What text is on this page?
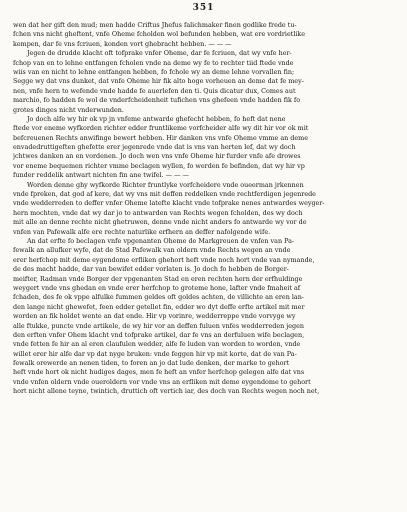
351
wen dat her gift den mud; men hadde Criftus Jhefus falichmaker finen godlike frede tu-
fchen vns nicht gheftent, vnfe Oheme fcholden wol befunden hebben, wat ere vordrietlike
kempen, dar fe vns fcriuen, konden vort ghebracht hebben. — — —
Jegen de drudde klacht oft tofprake vnfer Oheme, dar fe fcriuen, dat wy vnfe her-
fchop van en to lehne entfangen fcholen vnde na deme wy fe to rechter tiid ftede vnde
wiis van en nicht to lehne entfangen hebben, fo fchole wy an deme lehne vorvallen fin;
Segge wy dat vns dunket, dat vnfe Oheme hir fik alto hoge vorheuen an deme dat fe mey-
nen, vnfe hern to wefende vnde hadde fe auerlefen den ti. Quis dicatur dux, Comes aut
marchio, fo hadden fe wol de vnderfcheidenheit tufichen vns ghefeen vnde hadden fik fo
grotes dinges nicht vnderwunden.
Jo doch alfe wy hir ok vp jn vnfeme antwarde ghefecht hebben, fo heft dat nene
ftede vor eneme wyfkorden richter edder fruntlikeme vorfcheider alfe wy dit hir vor ok mit
befcreuenen Rechts anwifinge bewert hebben. Hir danken vns vnfe Oheme vmme an deme
envadedruttigeften ghefette erer jegenrede vnde dat is vns van herten lef, dat wy doch
jchtwes danken an en vordenen. Jo doch wen vns vnfe Oheme hir furder vnfe afe drowes
vor eneme bequemen richter vmme beclagen wyllen, fo werden fe befinden, dat wy hir vp
funder reddelik antwart nichten fin ane twifel. — — —
Worden denne ghy wyfkorde Richter fruntlyke vorfcheidere vnde oueerman jrkennen
vnde fpreken, dat god af kere, dat wy vns mit deffen reddelken vnde rechtferdigen jegenrede
vnde wedderreden to deffer vnfer Oheme latefte klacht vnde tofprake nenes antwardes weyger-
hern mochten, vnde dat wy dar jo to antwarden van Rechts wegen fcholden, des wy doch
mit alle an denne rechte nicht ghetruwen, denne vnde nicht anders fo antwarde wy vor de
vnfen van Pafewalk alfe ere rechte naturlike erfhern an deffer nafolgende wife.
An dat erfte fo beclagen vnfe vpgenanten Oheme de Markgreuen de vnfen van Pa-
fewalk an allufker wyfe, dat de Stad Pafewalk van oldern vnde Rechts wegen an vnde
erer herfchop mit deme eygendome erfliken ghehort heft vnde noch hort vnde van nymande,
de des macht hadde, dar van bewifet edder vorlaten is. Jo doch fo hebben de Borger-
meifter, Radman vnde Borger der vpgenanten Stad en eren rechten hern der erfhuldinge
weygert vnde vns ghedan en vnde erer herfchop to groteme hone, lafter vnde fmaheit af
fchaden, des fe ok vppe alfulke fummen geldes oft goldes achten, de villichte an eren lan-
den lange nicht ghewefet, feen edder getellet fin, edder wo dyt deffe erfte artikel mit mer
worden an fik holdet wente an dat ende. Hir vp vorinre, wedderreppe vnde vorvyge wy
alle ftukke, puncte vnde artikele, de wy hir vor an deffen fuluen vnfes wedderreden jegen
den erften vnfer Ohem klacht vnd tofprake artikel, dar fe vns an derfuluen wife beclagen,
vnde fetten fe hir an al eren claufulen wedder, alfe fe luden van worden to worden, vnde
willet erer hir alfe dar vp dat nyge bruken: vnde feggen hir vp mit korte, dat de van Pa-
fewalk orewerde an nenen tiden, to foren an jo dat lude denken, der marke to gehort
heft vnde hort ok nicht hudiges dages, men fe heft an vnfer herfchop gelegen alfe dat vns
vnde vnfen oldern vnde oueroldern vor vnde vns an erfliken mit deme eygendome to gehort
hort nicht allene teyne, twintich, druttich oft vertich iar, des doch van Rechts wegen noch net,
